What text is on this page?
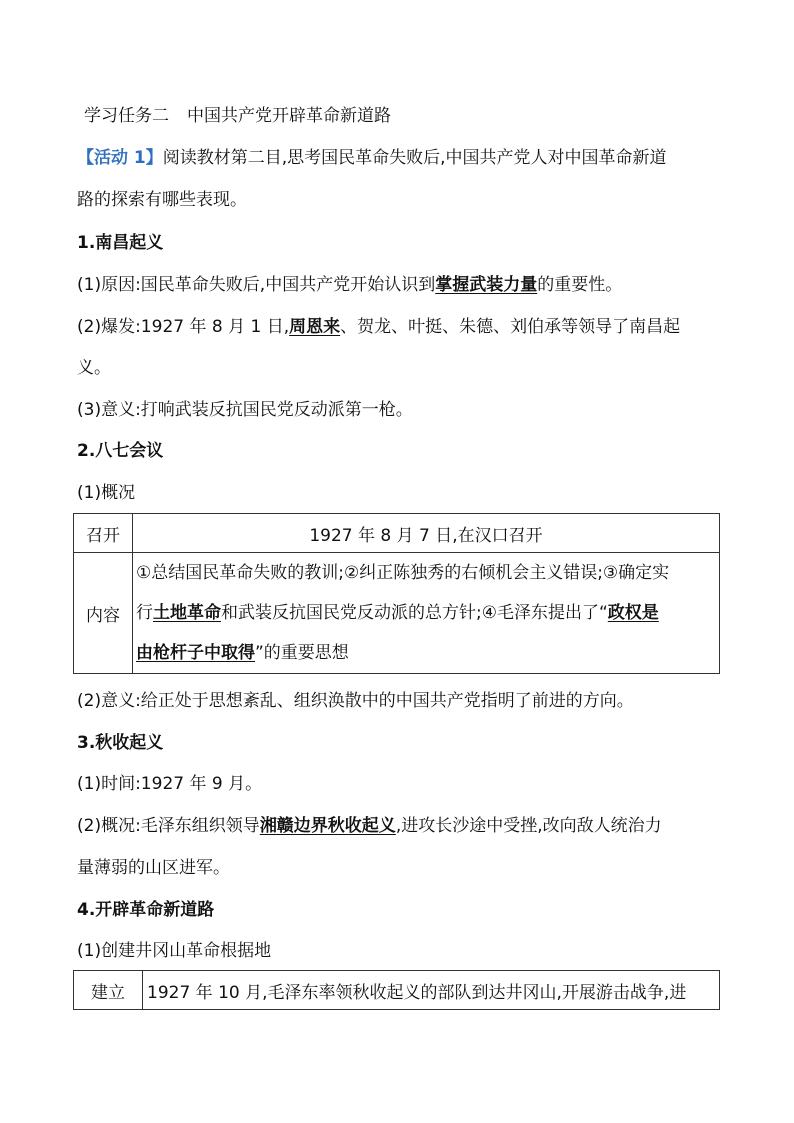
学习任务二 中国共产党开辟革命新道路
【活动 1】阅读教材第二目,思考国民革命失败后,中国共产党人对中国革命新道
路的探索有哪些表现。
1.南昌起义
(1)原因:国民革命失败后,中国共产党开始认识到掌握武装力量的重要性。
(2)爆发:1927 年 8 月 1 日,周恩来、贺龙、叶挺、朱德、刘伯承等领导了南昌起
义。
(3)意义:打响武装反抗国民党反动派第一枪。
2.八七会议
(1)概况
召开	1927 年 8 月 7 日,在汉口召开
内容	①总结国民革命失败的教训;②纠正陈独秀的右倾机会主义错误;③确定实
行土地革命和武装反抗国民党反动派的总方针;④毛泽东提出了“政权是
由枪杆子中取得”的重要思想
(2)意义:给正处于思想紊乱、组织涣散中的中国共产党指明了前进的方向。
3.秋收起义
(1)时间:1927 年 9 月。
(2)概况:毛泽东组织领导湘赣边界秋收起义,进攻长沙途中受挫,改向敌人统治力
量薄弱的山区进军。
4.开辟革命新道路
(1)创建井冈山革命根据地
建立	1927 年 10 月,毛泽东率领秋收起义的部队到达井冈山,开展游击战争,进
